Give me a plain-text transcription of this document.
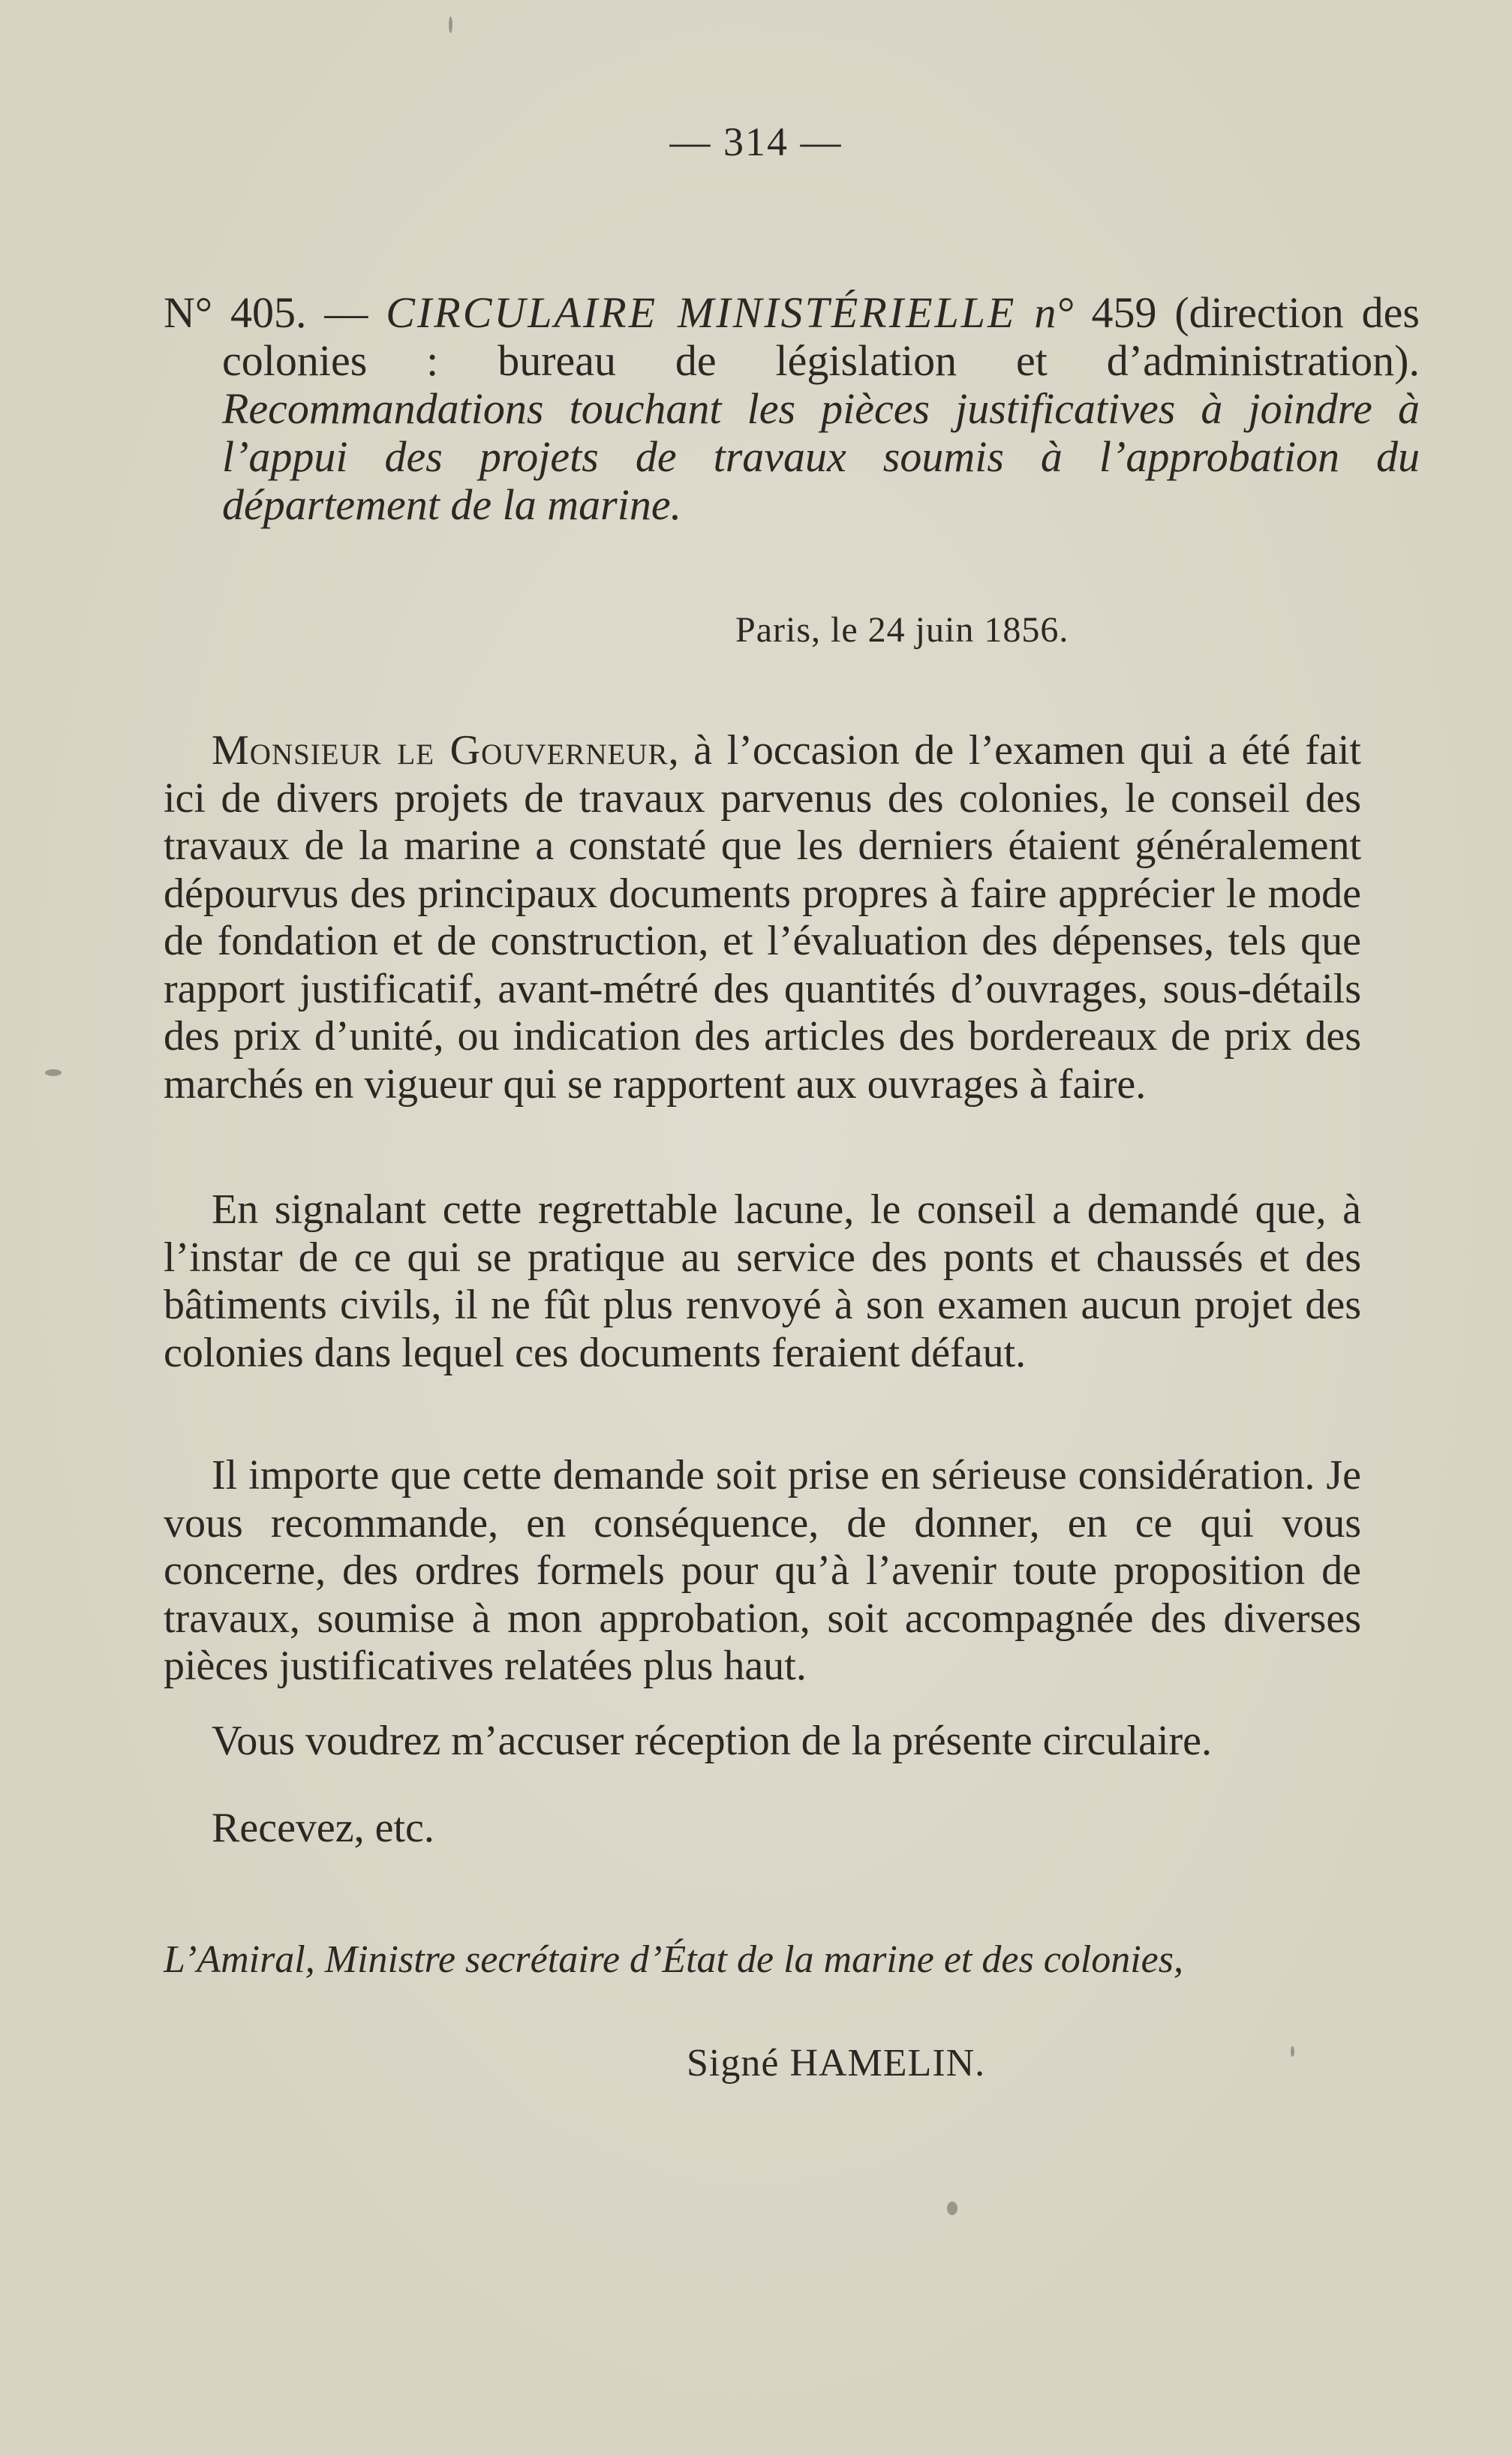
— 314 —
N° 405. — CIRCULAIRE MINISTÉRIELLE n° 459 (direction des colonies : bureau de législation et d’administration). Recommandations touchant les pièces justificatives à joindre à l’appui des projets de travaux soumis à l’approbation du département de la marine.
Paris, le 24 juin 1856.

Monsieur le Gouverneur, à l’occasion de l’examen qui a été fait ici de divers projets de travaux parvenus des colonies, le conseil des travaux de la marine a constaté que les derniers étaient généralement dépourvus des principaux documents propres à faire apprécier le mode de fondation et de construction, et l’évaluation des dépenses, tels que rapport justificatif, avant-métré des quantités d’ouvrages, sous-détails des prix d’unité, ou indication des articles des bordereaux de prix des marchés en vigueur qui se rapportent aux ouvrages à faire.

En signalant cette regrettable lacune, le conseil a demandé que, à l’instar de ce qui se pratique au service des ponts et chaussés et des bâtiments civils, il ne fût plus renvoyé à son examen aucun projet des colonies dans lequel ces documents feraient défaut.

Il importe que cette demande soit prise en sérieuse considération. Je vous recommande, en conséquence, de donner, en ce qui vous concerne, des ordres formels pour qu’à l’avenir toute proposition de travaux, soumise à mon approbation, soit accompagnée des diverses pièces justificatives relatées plus haut.

Vous voudrez m’accuser réception de la présente circulaire.

Recevez, etc.

L’Amiral, Ministre secrétaire d’État de la marine et des colonies,
Signé HAMELIN.
